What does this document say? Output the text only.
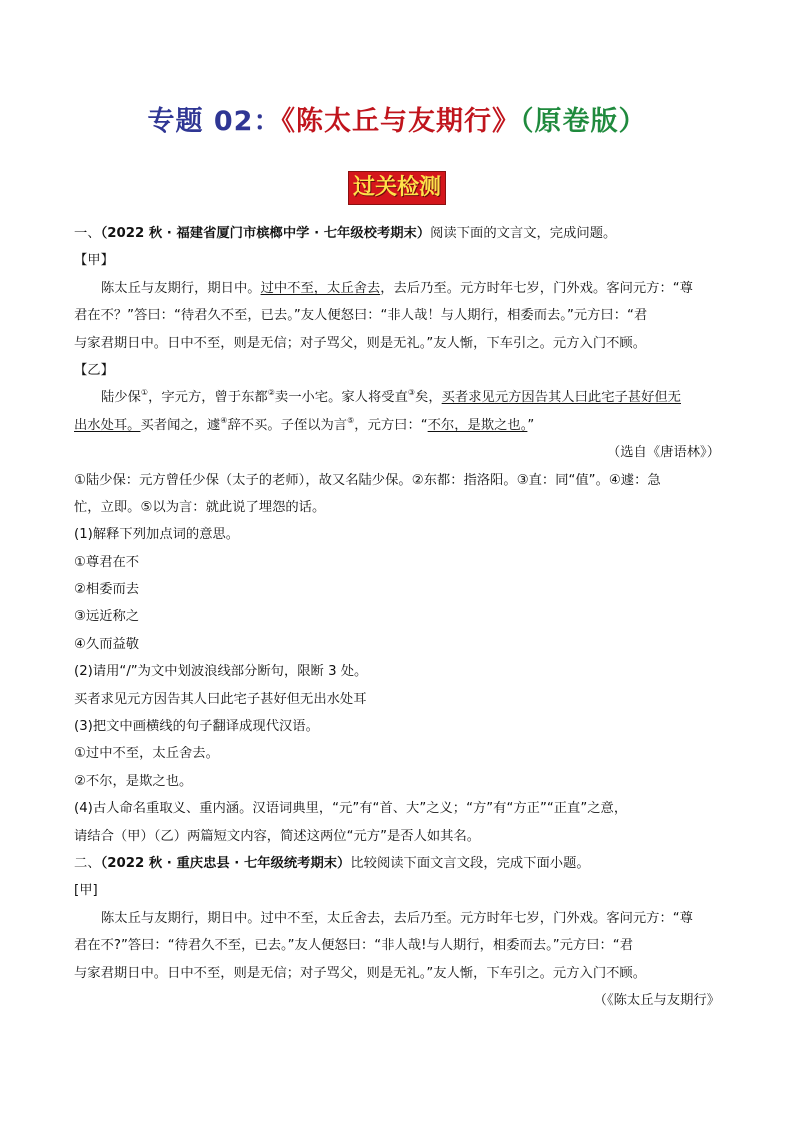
专题 02：《陈太丘与友期行》（原卷版）
过关检测
一、（2022 秋 · 福建省厦门市槟榔中学 · 七年级校考期末）阅读下面的文言文，完成问题。
【甲】
陈太丘与友期行，期日中。过中不至，太丘舍去，去后乃至。元方时年七岁，门外戏。客问元方：“尊
君在不？”答曰：“待君久不至，已去。”友人便怒曰：“非人哉！与人期行，相委而去。”元方曰：“君
与家君期日中。日中不至，则是无信；对子骂父，则是无礼。”友人惭，下车引之。元方入门不顾。
【乙】
陆少保①，字元方，曾于东都②卖一小宅。家人将受直③矣，买者求见元方因告其人曰此宅子甚好但无
出水处耳。买者闻之，遽④辞不买。子侄以为言⑤，元方曰：“不尔，是欺之也。”
（选自《唐语林》）
①陆少保：元方曾任少保（太子的老师），故又名陆少保。②东都：指洛阳。③直：同“值”。④遽：急
忙，立即。⑤以为言：就此说了埋怨的话。
(1)解释下列加点词的意思。
①尊君在不
②相委而去
③远近称之
④久而益敬
(2)请用“/”为文中划波浪线部分断句，限断 3 处。
买者求见元方因告其人曰此宅子甚好但无出水处耳
(3)把文中画横线的句子翻译成现代汉语。
①过中不至，太丘舍去。
②不尔，是欺之也。
(4)古人命名重取义、重内涵。汉语词典里，“元”有“首、大”之义；“方”有“方正”“正直”之意，
请结合（甲）（乙）两篇短文内容，简述这两位“元方”是否人如其名。
二、（2022 秋 · 重庆忠县 · 七年级统考期末）比较阅读下面文言文段，完成下面小题。
[甲]
陈太丘与友期行，期日中。过中不至，太丘舍去，去后乃至。元方时年七岁，门外戏。客问元方：“尊
君在不?”答曰：“待君久不至，已去。”友人便怒曰：“非人哉!与人期行，相委而去。”元方曰：“君
与家君期日中。日中不至，则是无信；对子骂父，则是无礼。”友人惭，下车引之。元方入门不顾。
（《陈太丘与友期行》
